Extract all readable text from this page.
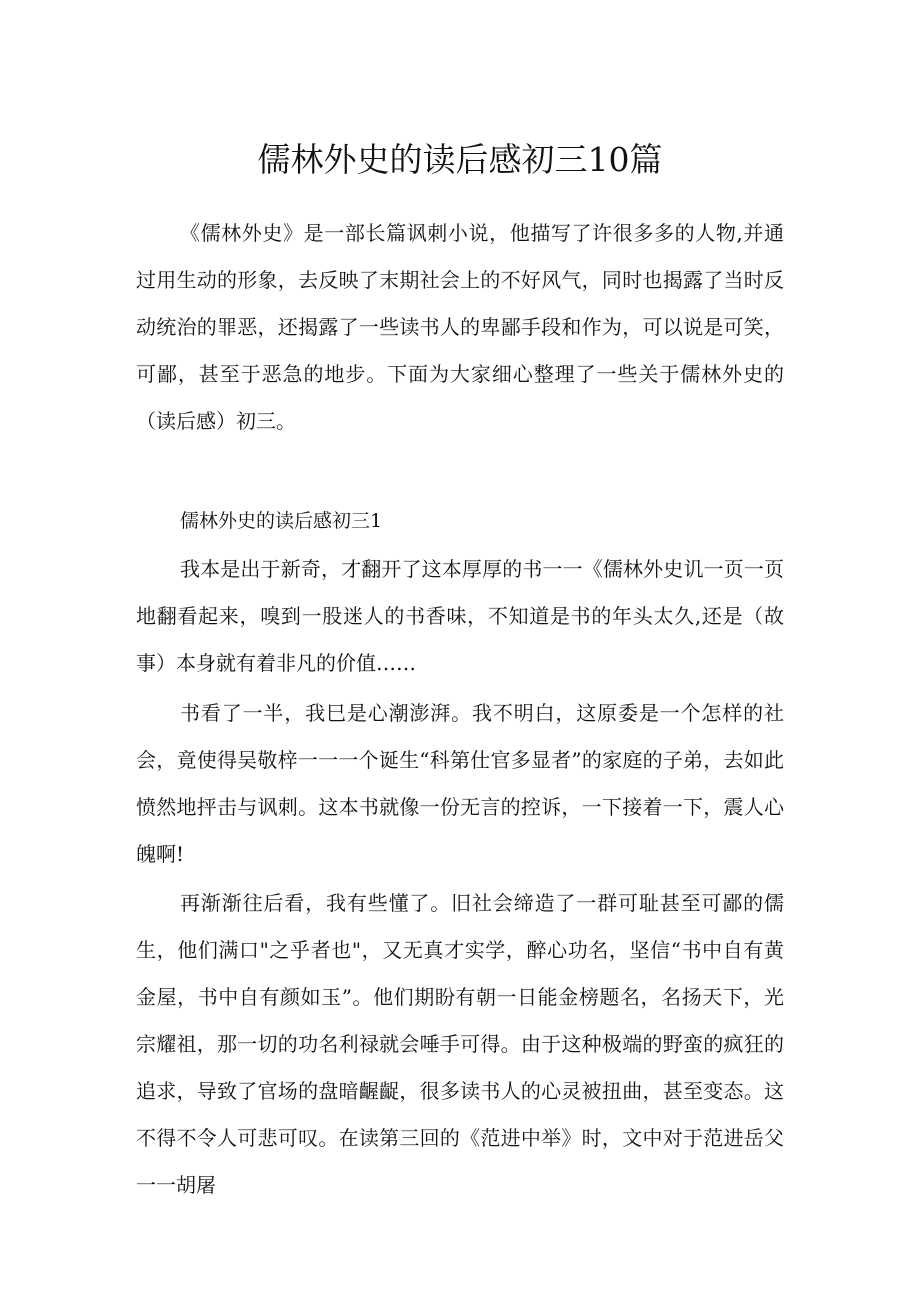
儒林外史的读后感初三10篇

《儒林外史》是一部长篇讽刺小说，他描写了许很多多的人物,并通过用生动的形象，去反映了末期社会上的不好风气，同时也揭露了当时反动统治的罪恶，还揭露了一些读书人的卑鄙手段和作为，可以说是可笑，可鄙，甚至于恶急的地步。下面为大家细心整理了一些关于儒林外史的（读后感）初三。

儒林外史的读后感初三1

我本是出于新奇，才翻开了这本厚厚的书一一《儒林外史讥一页一页地翻看起来，嗅到一股迷人的书香味，不知道是书的年头太久,还是（故事）本身就有着非凡的价值……

书看了一半，我巳是心潮澎湃。我不明白，这原委是一个怎样的社会，竟使得吴敬梓一一一个诞生“科第仕官多显者”的家庭的子弟，去如此愤然地抨击与讽刺。这本书就像一份无言的控诉，一下接着一下，震人心魄啊!

再渐渐往后看，我有些懂了。旧社会缔造了一群可耻甚至可鄙的儒生，他们满口"之乎者也"，又无真才实学，醉心功名，坚信“书中自有黄金屋，书中自有颜如玉”。他们期盼有朝一日能金榜题名，名扬天下，光宗耀祖，那一切的功名利禄就会唾手可得。由于这种极端的野蛮的疯狂的追求，导致了官场的盘暗齷齪，很多读书人的心灵被扭曲，甚至变态。这不得不令人可悲可叹。在读第三回的《范进中举》时，文中对于范进岳父一一胡屠
